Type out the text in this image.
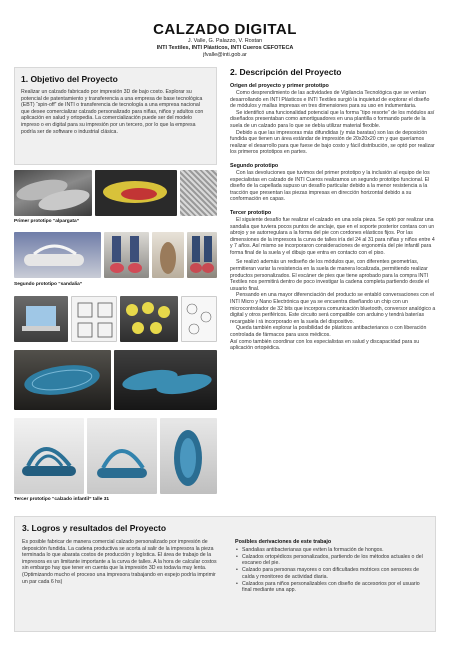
CALZADO DIGITAL
J. Valle, G. Palazzo, V. Rostan
INTI Textiles, INTI Plásticos, INTI Cueros CEFOTECA
jfvalle@inti.gob.ar
1. Objetivo del Proyecto
Realizar un calzado fabricado por impresión 3D de bajo costo. Explorar su potencial de patentamiento y transferencia a una empresa de base tecnológica (EBT) “spin-off” de INTI o transferencia de tecnología a una empresa nacional que desee comercializar calzado personalizado para niñas, niños y adultos con aplicación en salud y ortopedia. La comercialización puede ser del modelo impreso o en digital para su impresión por un tercero, por lo que la empresa podría ser de software o industrial clásica.
Primer prototipo “alpargata”
Segundo prototipo “sandalia”
Tercer prototipo “calzado infantil” talle 31
2. Descripción del Proyecto
Origen del proyecto y primer prototipo
Como desprendimiento de las actividades de Vigilancia Tecnológica que se venían desarrollando en INTI Plásticos e INTI Textiles surgió la inquietud de explorar el diseño de módulos y mallas impresas en tres dimensiones para su uso en indumentaria.
Se identificó una funcionalidad potencial que la forma “tipo resorte” de los módulos así diseñados presentaban como amortiguadores en una plantilla o formando parte de la suela de un calzado para lo que se debía utilizar material flexible.
Debido a que las impresoras más difundidas (y más baratas) son las de deposición fundida que tienen un área estándar de impresión de 20x20x20 cm y que queríamos realizar el desarrollo para que fuese de bajo costo y fácil distribución, se optó por realizar los primeros prototipos en partes.
Segundo prototipo
Con las devoluciones que tuvimos del primer prototipo y la inclusión al equipo de los especialistas en calzado de INTI Cueros realizamos un segundo prototipo funcional. El diseño de la capellada supuso un desafío particular debido a la menor resistencia a la tracción que presentan las piezas impresas en dirección horizontal debido a su conformación en capas.
Tercer prototipo
El siguiente desafío fue realizar el calzado en una sola pieza. Se optó por realizar una sandalia que tuviera pocos puntos de anclaje, que en el soporte posterior contara con un abrojo y se autorregulara a la forma del pie con cordones elásticos fijos. Por las dimensiones de la impresora la curva de talles iría del 24 al 31 para niñas y niños entre 4 y 7 años. Así mismo se incorporaron consideraciones de ergonomía del pie infantil para forma final de la suela y el dibujo que entra en contacto con el piso.
Se realizó además un rediseño de los módulos que, con diferentes geometrías, permitieran variar la resistencia en la suela de manera localizada, permitiendo realizar productos personalizados. El escáner de pies que tiene aprobado para la compra INTI Textiles nos permitirá dentro de poco investigar la cadena completa partiendo desde el usuario final.
Pensando en una mayor diferenciación del producto se entabló conversaciones con el INTI Micro y Nano Electrónica que ya se encuentra diseñando un chip con un microcontrolador de 32 bits que incorpora comunicación bluetooth, conversor analógico a digital y otros periféricos. Este circuito será compatible con arduino y tendrá baterías recargable i rá incorporado en la suela del dispositivo.
Queda también explorar la posibilidad de plásticos antibacterianos o con liberación controlada de fármacos para usos médicos.
Así como también coordinar con los especialistas en salud y discapacidad para su aplicación ortopédica.
3. Logros y resultados del Proyecto
Es posible fabricar de manera comercial calzado personalizado por impresión de deposición fundida. La cadena productiva se acorta al salir de la impresora la pieza terminada lo que abarata costos de producción y logística. El área de trabajo de la impresora es un limitante importante a la curva de talles. A la hora de calcular costos sin embargo hay que tener en cuenta que la impresión 3D es todavía muy lenta. (Optimizando mucho el proceso una impresora trabajando en espejo podría imprimir un par cada 6 hs)
Posibles derivaciones de este trabajo
• Sandalias antibacterianas que eviten la formación de hongos.
• Calzados ortopédicos personalizados, partiendo de los métodos actuales o del escaneo del pie.
• Calzado para personas mayores o con dificultades motrices con sensores de caída y monitoreo de actividad diaria.
• Calzados para niños personalizables con diseño de accesorios por el usuario final mediante una app.
